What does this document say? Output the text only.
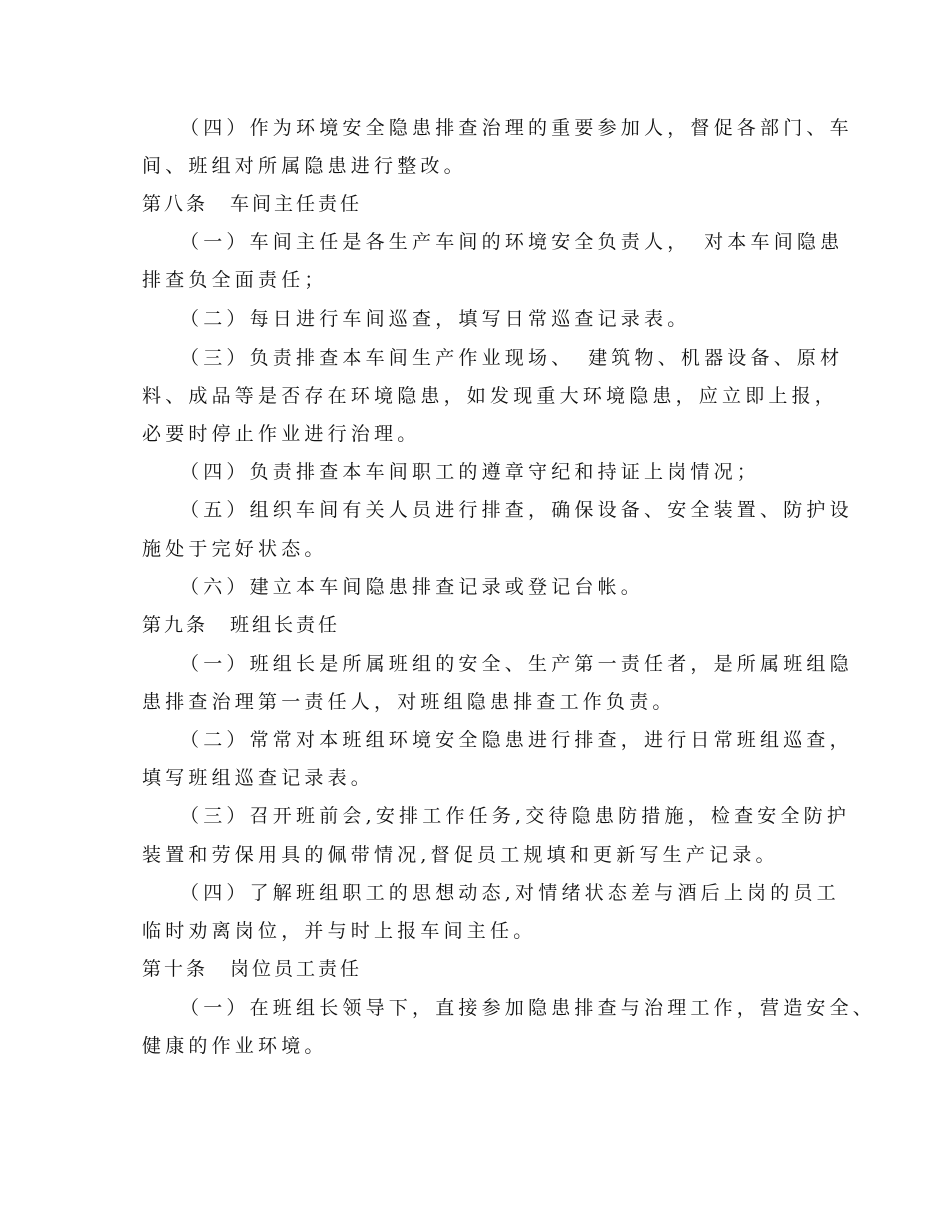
（四）作为环境安全隐患排查治理的重要参加人，督促各部门、车
间、班组对所属隐患进行整改。
第八条　车间主任责任
（一）车间主任是各生产车间的环境安全负责人，　对本车间隐患
排查负全面责任；
（二）每日进行车间巡查，填写日常巡查记录表。
（三）负责排查本车间生产作业现场、　建筑物、机器设备、原材
料、成品等是否存在环境隐患，如发现重大环境隐患，应立即上报，
必要时停止作业进行治理。
（四）负责排查本车间职工的遵章守纪和持证上岗情况；
（五）组织车间有关人员进行排查，确保设备、安全装置、防护设
施处于完好状态。
（六）建立本车间隐患排查记录或登记台帐。
第九条　班组长责任
（一）班组长是所属班组的安全、生产第一责任者，是所属班组隐
患排查治理第一责任人，对班组隐患排查工作负责。
（二）常常对本班组环境安全隐患进行排查，进行日常班组巡查，
填写班组巡查记录表。
（三）召开班前会,安排工作任务,交待隐患防措施，检查安全防护
装置和劳保用具的佩带情况,督促员工规填和更新写生产记录。
（四）了解班组职工的思想动态,对情绪状态差与酒后上岗的员工
临时劝离岗位，并与时上报车间主任。
第十条　岗位员工责任
（一）在班组长领导下，直接参加隐患排查与治理工作，营造安全、
健康的作业环境。
